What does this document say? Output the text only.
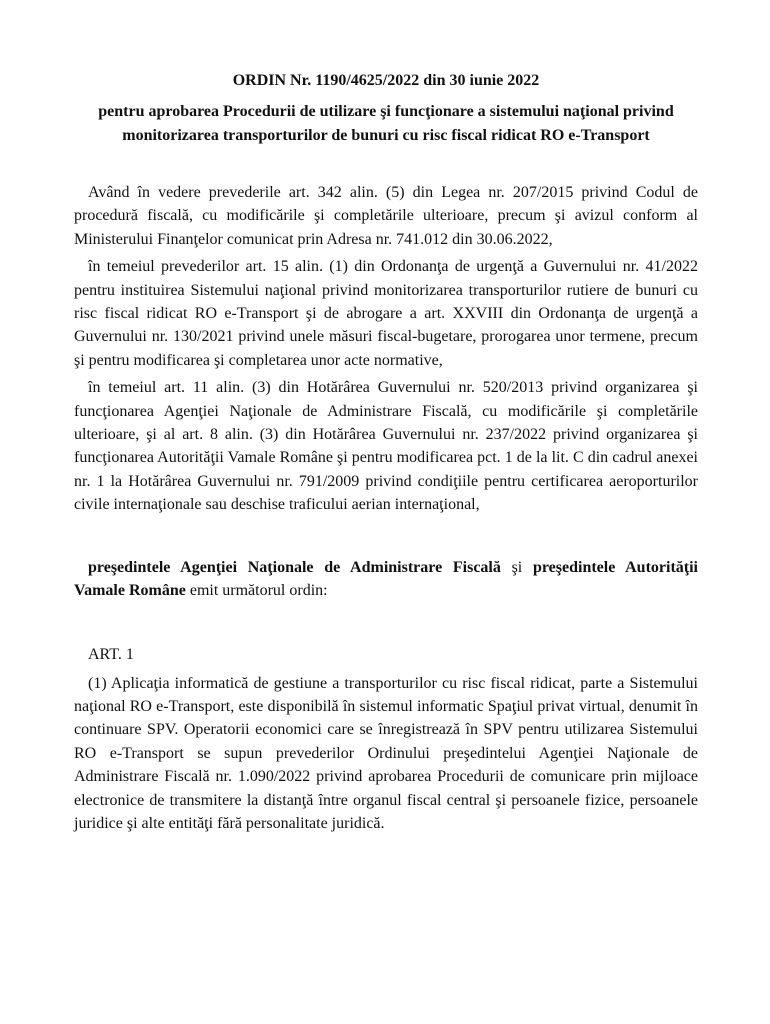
ORDIN Nr. 1190/4625/2022 din 30 iunie 2022

pentru aprobarea Procedurii de utilizare şi funcţionare a sistemului naţional privind monitorizarea transporturilor de bunuri cu risc fiscal ridicat RO e-Transport

Având în vedere prevederile art. 342 alin. (5) din Legea nr. 207/2015 privind Codul de procedură fiscală, cu modificările şi completările ulterioare, precum şi avizul conform al Ministerului Finanţelor comunicat prin Adresa nr. 741.012 din 30.06.2022,

în temeiul prevederilor art. 15 alin. (1) din Ordonanţa de urgenţă a Guvernului nr. 41/2022 pentru instituirea Sistemului naţional privind monitorizarea transporturilor rutiere de bunuri cu risc fiscal ridicat RO e-Transport şi de abrogare a art. XXVIII din Ordonanţa de urgenţă a Guvernului nr. 130/2021 privind unele măsuri fiscal-bugetare, prorogarea unor termene, precum şi pentru modificarea şi completarea unor acte normative,

în temeiul art. 11 alin. (3) din Hotărârea Guvernului nr. 520/2013 privind organizarea şi funcţionarea Agenţiei Naţionale de Administrare Fiscală, cu modificările şi completările ulterioare, şi al art. 8 alin. (3) din Hotărârea Guvernului nr. 237/2022 privind organizarea şi funcţionarea Autorităţii Vamale Române şi pentru modificarea pct. 1 de la lit. C din cadrul anexei nr. 1 la Hotărârea Guvernului nr. 791/2009 privind condiţiile pentru certificarea aeroporturilor civile internaţionale sau deschise traficului aerian internaţional,

preşedintele Agenţiei Naţionale de Administrare Fiscală şi preşedintele Autorităţii Vamale Române emit următorul ordin:

ART. 1

(1) Aplicaţia informatică de gestiune a transporturilor cu risc fiscal ridicat, parte a Sistemului naţional RO e-Transport, este disponibilă în sistemul informatic Spaţiul privat virtual, denumit în continuare SPV. Operatorii economici care se înregistrează în SPV pentru utilizarea Sistemului RO e-Transport se supun prevederilor Ordinului preşedintelui Agenţiei Naţionale de Administrare Fiscală nr. 1.090/2022 privind aprobarea Procedurii de comunicare prin mijloace electronice de transmitere la distanţă între organul fiscal central şi persoanele fizice, persoanele juridice şi alte entităţi fără personalitate juridică.
